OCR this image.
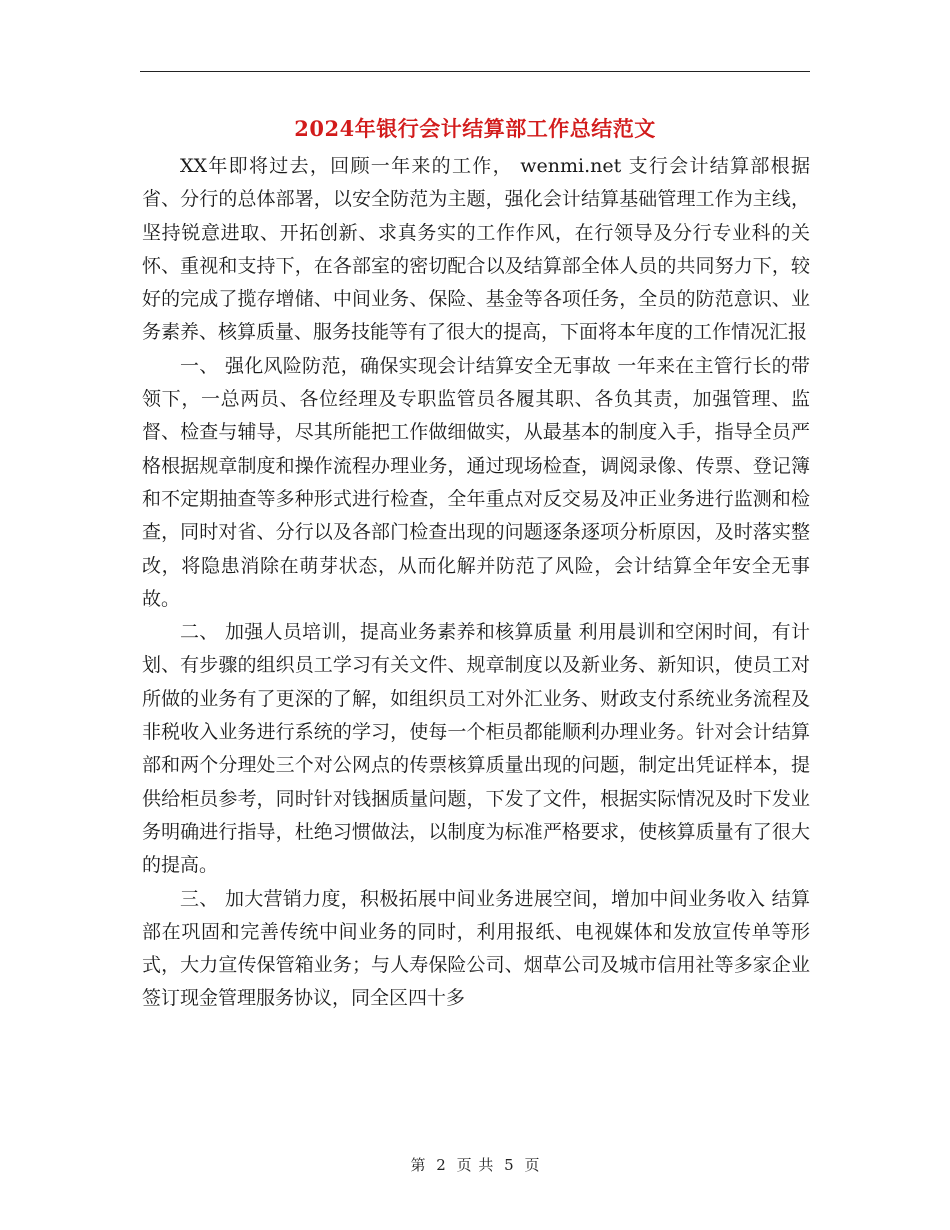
2024年银行会计结算部工作总结范文

XX年即将过去，回顾一年来的工作， wenmi.net 支行会计结算部根据省、分行的总体部署，以安全防范为主题，强化会计结算基础管理工作为主线，坚持锐意进取、开拓创新、求真务实的工作作风，在行领导及分行专业科的关怀、重视和支持下，在各部室的密切配合以及结算部全体人员的共同努力下，较好的完成了揽存增储、中间业务、保险、基金等各项任务，全员的防范意识、业务素养、核算质量、服务技能等有了很大的提高，下面将本年度的工作情况汇报

一、 强化风险防范，确保实现会计结算安全无事故 一年来在主管行长的带领下，一总两员、各位经理及专职监管员各履其职、各负其责，加强管理、监督、检查与辅导，尽其所能把工作做细做实，从最基本的制度入手，指导全员严格根据规章制度和操作流程办理业务，通过现场检查，调阅录像、传票、登记簿和不定期抽查等多种形式进行检查，全年重点对反交易及冲正业务进行监测和检查，同时对省、分行以及各部门检查出现的问题逐条逐项分析原因，及时落实整改，将隐患消除在萌芽状态，从而化解并防范了风险，会计结算全年安全无事故。

二、 加强人员培训，提高业务素养和核算质量 利用晨训和空闲时间，有计划、有步骤的组织员工学习有关文件、规章制度以及新业务、新知识，使员工对所做的业务有了更深的了解，如组织员工对外汇业务、财政支付系统业务流程及非税收入业务进行系统的学习，使每一个柜员都能顺利办理业务。针对会计结算部和两个分理处三个对公网点的传票核算质量出现的问题，制定出凭证样本，提供给柜员参考，同时针对钱捆质量问题，下发了文件，根据实际情况及时下发业务明确进行指导，杜绝习惯做法，以制度为标准严格要求，使核算质量有了很大的提高。

三、 加大营销力度，积极拓展中间业务进展空间，增加中间业务收入 结算部在巩固和完善传统中间业务的同时，利用报纸、电视媒体和发放宣传单等形式，大力宣传保管箱业务；与人寿保险公司、烟草公司及城市信用社等多家企业签订现金管理服务协议，同全区四十多

第 2 页 共 5 页
